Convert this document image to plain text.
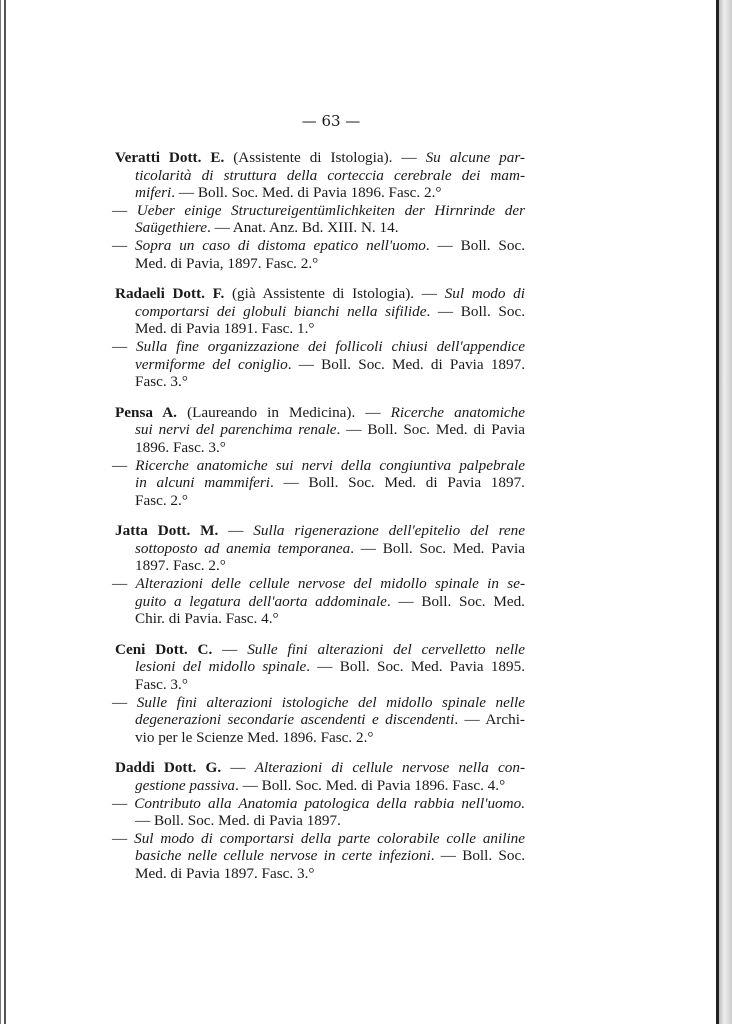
— 63 —
Veratti Dott. E. (Assistente di Istologia). — Su alcune par-
ticolarità di struttura della corteccia cerebrale dei mam-
miferi. — Boll. Soc. Med. di Pavia 1896. Fasc. 2.°
— Ueber einige Structureigentümlichkeiten der Hirnrinde der
Saügethiere. — Anat. Anz. Bd. XIII. N. 14.
— Sopra un caso di distoma epatico nell'uomo. — Boll. Soc.
Med. di Pavia, 1897. Fasc. 2.°
Radaeli Dott. F. (già Assistente di Istologia). — Sul modo di
comportarsi dei globuli bianchi nella sifilide. — Boll. Soc.
Med. di Pavia 1891. Fasc. 1.°
— Sulla fine organizzazione dei follicoli chiusi dell'appendice
vermiforme del coniglio. — Boll. Soc. Med. di Pavia 1897.
Fasc. 3.°
Pensa A. (Laureando in Medicina). — Ricerche anatomiche
sui nervi del parenchima renale. — Boll. Soc. Med. di Pavia
1896. Fasc. 3.°
— Ricerche anatomiche sui nervi della congiuntiva palpebrale
in alcuni mammiferi. — Boll. Soc. Med. di Pavia 1897.
Fasc. 2.°
Jatta Dott. M. — Sulla rigenerazione dell'epitelio del rene
sottoposto ad anemia temporanea. — Boll. Soc. Med. Pavia
1897. Fasc. 2.°
— Alterazioni delle cellule nervose del midollo spinale in se-
guito a legatura dell'aorta addominale. — Boll. Soc. Med.
Chir. di Pavia. Fasc. 4.°
Ceni Dott. C. — Sulle fini alterazioni del cervelletto nelle
lesioni del midollo spinale. — Boll. Soc. Med. Pavia 1895.
Fasc. 3.°
— Sulle fini alterazioni istologiche del midollo spinale nelle
degenerazioni secondarie ascendenti e discendenti. — Archi-
vio per le Scienze Med. 1896. Fasc. 2.°
Daddi Dott. G. — Alterazioni di cellule nervose nella con-
gestione passiva. — Boll. Soc. Med. di Pavia 1896. Fasc. 4.°
— Contributo alla Anatomia patologica della rabbia nell'uomo.
— Boll. Soc. Med. di Pavia 1897.
— Sul modo di comportarsi della parte colorabile colle aniline
basiche nelle cellule nervose in certe infezioni. — Boll. Soc.
Med. di Pavia 1897. Fasc. 3.°
